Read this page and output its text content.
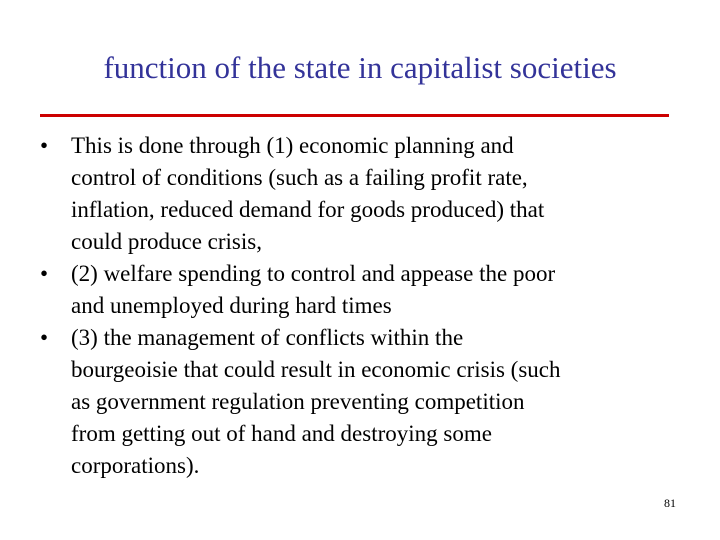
function of the state in capitalist societies
• This is done through (1) economic planning and
control of conditions (such as a failing profit rate,
inflation, reduced demand for goods produced) that
could produce crisis,
• (2) welfare spending to control and appease the poor
and unemployed during hard times
• (3) the management of conflicts within the
bourgeoisie that could result in economic crisis (such
as government regulation preventing competition
from getting out of hand and destroying some
corporations).
81
